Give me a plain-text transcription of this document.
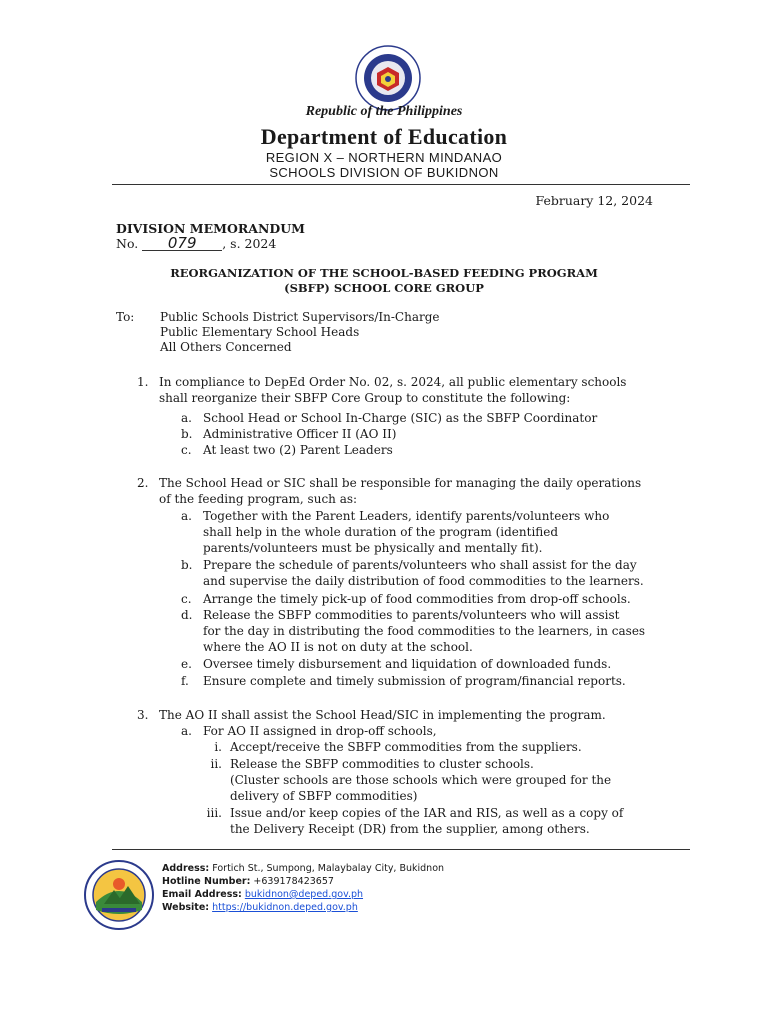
Republic of the Philippines
Department of Education
REGION X – NORTHERN MINDANAO
SCHOOLS DIVISION OF BUKIDNON
February 12, 2024
DIVISION MEMORANDUM
No. 079 , s. 2024
REORGANIZATION OF THE SCHOOL-BASED FEEDING PROGRAM
(SBFP) SCHOOL CORE GROUP
To: Public Schools District Supervisors/In-Charge
Public Elementary School Heads
All Others Concerned
1. In compliance to DepEd Order No. 02, s. 2024, all public elementary schools
shall reorganize their SBFP Core Group to constitute the following:
a. School Head or School In-Charge (SIC) as the SBFP Coordinator
b. Administrative Officer II (AO II)
c. At least two (2) Parent Leaders
2. The School Head or SIC shall be responsible for managing the daily operations
of the feeding program, such as:
a. Together with the Parent Leaders, identify parents/volunteers who
shall help in the whole duration of the program (identified
parents/volunteers must be physically and mentally fit).
b. Prepare the schedule of parents/volunteers who shall assist for the day
and supervise the daily distribution of food commodities to the learners.
c. Arrange the timely pick-up of food commodities from drop-off schools.
d. Release the SBFP commodities to parents/volunteers who will assist
for the day in distributing the food commodities to the learners, in cases
where the AO II is not on duty at the school.
e. Oversee timely disbursement and liquidation of downloaded funds.
f. Ensure complete and timely submission of program/financial reports.
3. The AO II shall assist the School Head/SIC in implementing the program.
a. For AO II assigned in drop-off schools,
i. Accept/receive the SBFP commodities from the suppliers.
ii. Release the SBFP commodities to cluster schools.
(Cluster schools are those schools which were grouped for the
delivery of SBFP commodities)
iii. Issue and/or keep copies of the IAR and RIS, as well as a copy of
the Delivery Receipt (DR) from the supplier, among others.
Address: Fortich St., Sumpong, Malaybalay City, Bukidnon
Hotline Number: +639178423657
Email Address: bukidnon@deped.gov.ph
Website: https://bukidnon.deped.gov.ph
